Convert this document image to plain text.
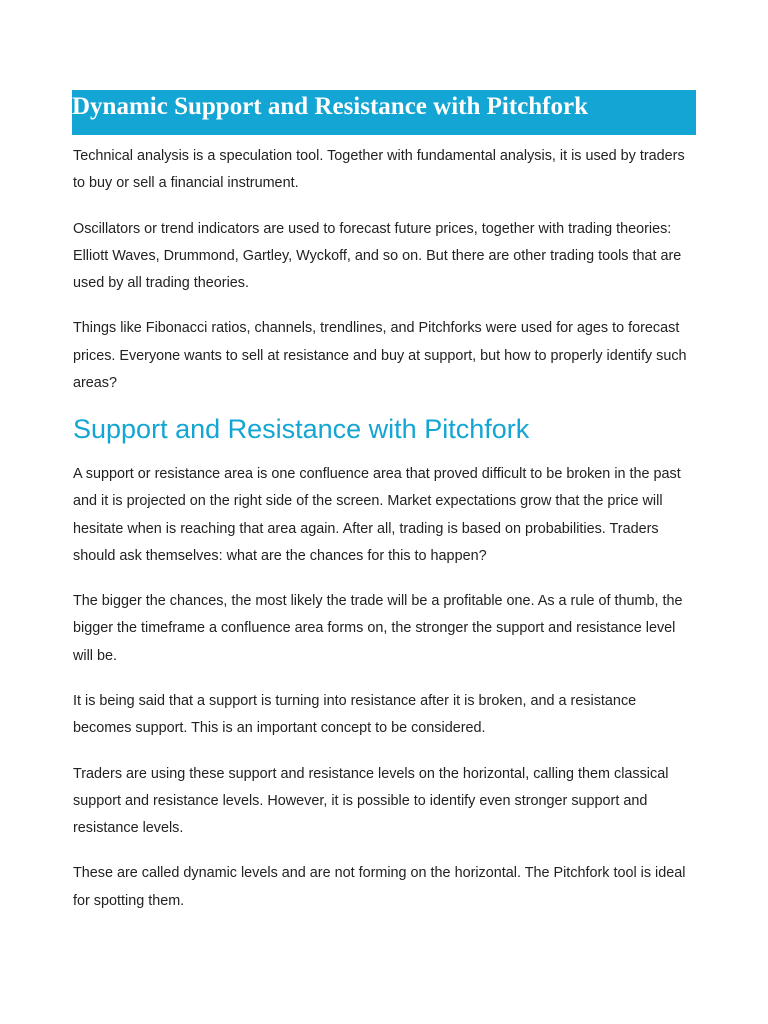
Dynamic Support and Resistance with Pitchfork

Technical analysis is a speculation tool. Together with fundamental analysis, it is used by traders to buy or sell a financial instrument.

Oscillators or trend indicators are used to forecast future prices, together with trading theories: Elliott Waves, Drummond, Gartley, Wyckoff, and so on. But there are other trading tools that are used by all trading theories.

Things like Fibonacci ratios, channels, trendlines, and Pitchforks were used for ages to forecast prices. Everyone wants to sell at resistance and buy at support, but how to properly identify such areas?

Support and Resistance with Pitchfork

A support or resistance area is one confluence area that proved difficult to be broken in the past and it is projected on the right side of the screen. Market expectations grow that the price will hesitate when is reaching that area again. After all, trading is based on probabilities. Traders should ask themselves: what are the chances for this to happen?

The bigger the chances, the most likely the trade will be a profitable one. As a rule of thumb, the bigger the timeframe a confluence area forms on, the stronger the support and resistance level will be.

It is being said that a support is turning into resistance after it is broken, and a resistance becomes support. This is an important concept to be considered.

Traders are using these support and resistance levels on the horizontal, calling them classical support and resistance levels. However, it is possible to identify even stronger support and resistance levels.

These are called dynamic levels and are not forming on the horizontal. The Pitchfork tool is ideal for spotting them.
